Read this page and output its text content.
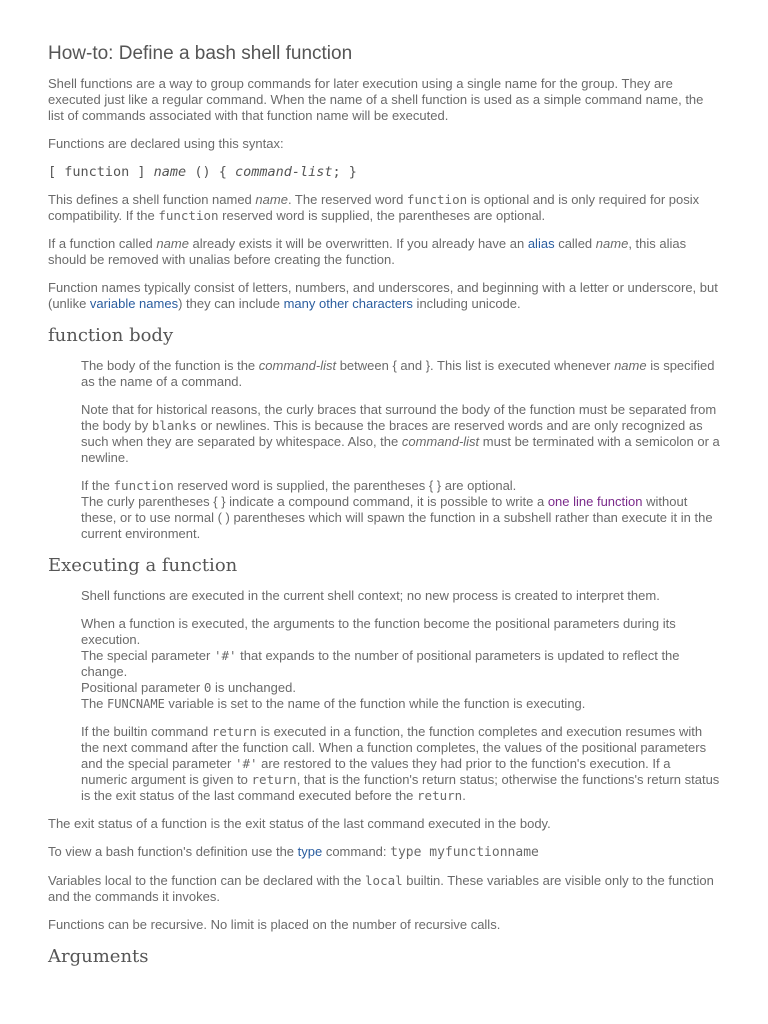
How-to: Define a bash shell function

Shell functions are a way to group commands for later execution using a single name for the group. They are executed just like a regular command. When the name of a shell function is used as a simple command name, the list of commands associated with that function name will be executed.

Functions are declared using this syntax:

[ function ] name () { command-list; }

This defines a shell function named name. The reserved word function is optional and is only required for posix compatibility. If the function reserved word is supplied, the parentheses are optional.

If a function called name already exists it will be overwritten. If you already have an alias called name, this alias should be removed with unalias before creating the function.

Function names typically consist of letters, numbers, and underscores, and beginning with a letter or underscore, but (unlike variable names) they can include many other characters including unicode.

function body

The body of the function is the command-list between { and }. This list is executed whenever name is specified as the name of a command.

Note that for historical reasons, the curly braces that surround the body of the function must be separated from the body by blanks or newlines. This is because the braces are reserved words and are only recognized as such when they are separated by whitespace. Also, the command-list must be terminated with a semicolon or a newline.

If the function reserved word is supplied, the parentheses { } are optional.
The curly parentheses { } indicate a compound command, it is possible to write a one line function without these, or to use normal ( ) parentheses which will spawn the function in a subshell rather than execute it in the current environment.

Executing a function

Shell functions are executed in the current shell context; no new process is created to interpret them.

When a function is executed, the arguments to the function become the positional parameters during its execution.
The special parameter '#' that expands to the number of positional parameters is updated to reflect the change.
Positional parameter 0 is unchanged.
The FUNCNAME variable is set to the name of the function while the function is executing.

If the builtin command return is executed in a function, the function completes and execution resumes with the next command after the function call. When a function completes, the values of the positional parameters and the special parameter '#' are restored to the values they had prior to the function's execution. If a numeric argument is given to return, that is the function's return status; otherwise the functions's return status is the exit status of the last command executed before the return.

The exit status of a function is the exit status of the last command executed in the body.

To view a bash function's definition use the type command: type myfunctionname

Variables local to the function can be declared with the local builtin. These variables are visible only to the function and the commands it invokes.

Functions can be recursive. No limit is placed on the number of recursive calls.

Arguments
